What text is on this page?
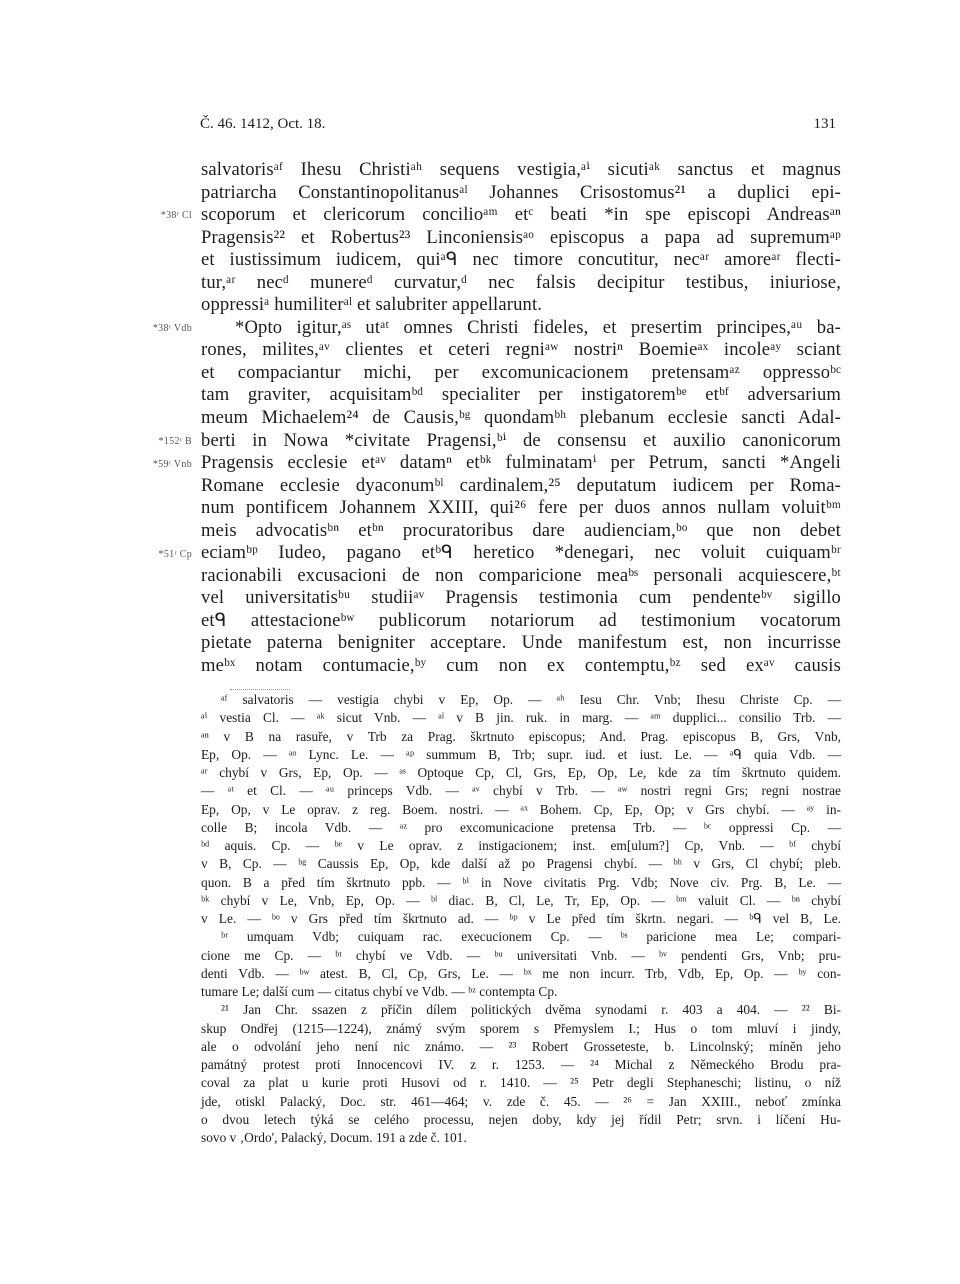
Č. 46. 1412, Oct. 18.	131
*38ʳ Cl
*38ʳ Vdb
*152ʳ B
*59ʳ Vnb
*51ʳ Cp
salvatorisᵃᶠ Ihesu Christiᵃʰ sequens vestigia,ᵃⁱ sicutiᵃᵏ sanctus et magnus
patriarcha Constantinopolitanusᵃˡ Johannes Crisostomus²¹ a duplici epi-
scoporum et clericorum concilioᵃᵐ etᶜ beati *in spe episcopi Andreasᵃⁿ
Pragensis²² et Robertus²³ Linconiensisᵃᵒ episcopus a papa ad supremumᵃᵖ
et iustissimum iudicem, quiᵃᑫ nec timore concutitur, necᵃʳ amoreᵃʳ flecti-
tur,ᵃʳ necᵈ munereᵈ curvatur,ᵈ nec falsis decipitur testibus, iniuriose,
oppressiᵃ humiliterᵃˡ et salubriter appellarunt.
*Opto igitur,ᵃˢ utᵃᵗ omnes Christi fideles, et presertim principes,ᵃᵘ ba-
rones, milites,ᵃᵛ clientes et ceteri regniᵃʷ nostriⁿ Boemieᵃˣ incoleᵃʸ sciant
et compaciantur michi, per excomunicacionem pretensamᵃᶻ oppressoᵇᶜ
tam graviter, acquisitamᵇᵈ specialiter per instigatoremᵇᵉ etᵇᶠ adversarium
meum Michaelem²⁴ de Causis,ᵇᵍ quondamᵇʰ plebanum ecclesie sancti Adal-
berti in Nowa *civitate Pragensi,ᵇⁱ de consensu et auxilio canonicorum
Pragensis ecclesie etᵃᵛ datamⁿ etᵇᵏ fulminatamⁱ per Petrum, sancti *Angeli
Romane ecclesie dyaconumᵇˡ cardinalem,²⁵ deputatum iudicem per Roma-
num pontificem Johannem XXIII, qui²⁶ fere per duos annos nullam voluitᵇᵐ
meis advocatisᵇⁿ etᵇⁿ procuratoribus dare audienciam,ᵇᵒ que non debet
eciamᵇᵖ Iudeo, pagano etᵇᑫ heretico *denegari, nec voluit cuiquamᵇʳ
racionabili excusacioni de non comparicione meaᵇˢ personali acquiescere,ᵇᵗ
vel universitatisᵇᵘ studiiᵃᵛ Pragensis testimonia cum pendenteᵇᵛ sigillo
etᑫ attestacioneᵇʷ publicorum notariorum ad testimonium vocatorum
pietate paterna benigniter acceptare. Unde manifestum est, non incurrisse
meᵇˣ notam contumacie,ᵇʸ cum non ex contemptu,ᵇᶻ sed exᵃᵛ causis
ᵃᶠ salvatoris — vestigia chybi v Ep, Op. — ᵃʰ Iesu Chr. Vnb; Ihesu Christe Cp. —
ᵃⁱ vestia Cl. — ᵃᵏ sicut Vnb. — ᵃˡ v B jin. ruk. in marg. — ᵃᵐ dupplici... consilio Trb. —
ᵃⁿ v B na rasuře, v Trb za Prag. škrtnuto episcopus; And. Prag. episcopus B, Grs, Vnb,
Ep, Op. — ᵃᵒ Lync. Le. — ᵃᵖ summum B, Trb; supr. iud. et iust. Le. — ᵃᑫ quia Vdb. —
ᵃʳ chybí v Grs, Ep, Op. — ᵃˢ Optoque Cp, Cl, Grs, Ep, Op, Le, kde za tím škrtnuto quidem.
— ᵃᵗ et Cl. — ᵃᵘ princeps Vdb. — ᵃᵛ chybí v Trb. — ᵃʷ nostri regni Grs; regni nostrae
Ep, Op, v Le oprav. z reg. Boem. nostri. — ᵃˣ Bohem. Cp, Ep, Op; v Grs chybí. — ᵃʸ in-
colle B; incola Vdb. — ᵃᶻ pro excomunicacione pretensa Trb. — ᵇᶜ oppressi Cp. —
ᵇᵈ aquis. Cp. — ᵇᵉ v Le oprav. z instigacionem; inst. em[ulum?] Cp, Vnb. — ᵇᶠ chybí
v B, Cp. — ᵇᵍ Caussis Ep, Op, kde další až po Pragensi chybí. — ᵇʰ v Grs, Cl chybí; pleb.
quon. B a před tím škrtnuto ppb. — ᵇⁱ in Nove civitatis Prg. Vdb; Nove civ. Prg. B, Le. —
ᵇᵏ chybí v Le, Vnb, Ep, Op. — ᵇˡ diac. B, Cl, Le, Tr, Ep, Op. — ᵇᵐ valuit Cl. — ᵇⁿ chybí
v Le. — ᵇᵒ v Grs před tím škrtnuto ad. — ᵇᵖ v Le před tím škrtn. negari. — ᵇᑫ vel B, Le.
ᵇʳ umquam Vdb; cuiquam rac. execucionem Cp. — ᵇˢ paricione mea Le; compari-
cione me Cp. — ᵇᵗ chybí ve Vdb. — ᵇᵘ universitati Vnb. — ᵇᵛ pendenti Grs, Vnb; pru-
denti Vdb. — ᵇʷ atest. B, Cl, Cp, Grs, Le. — ᵇˣ me non incurr. Trb, Vdb, Ep, Op. — ᵇʸ con-
tumare Le; další cum — citatus chybí ve Vdb. — ᵇᶻ contempta Cp.
²¹ Jan Chr. ssazen z příčin dílem politických dvěma synodami r. 403 a 404. — ²² Bi-
skup Ondřej (1215—1224), známý svým sporem s Přemyslem I.; Hus o tom mluví i jindy,
ale o odvolání jeho není nic známo. — ²³ Robert Grosseteste, b. Lincolnský; míněn jeho
památný protest proti Innocencovi IV. z r. 1253. — ²⁴ Michal z Německého Brodu pra-
coval za plat u kurie proti Husovi od r. 1410. — ²⁵ Petr degli Stephaneschi; listinu, o níž
jde, otiskl Palacký, Doc. str. 461—464; v. zde č. 45. — ²⁶ = Jan XXIII., neboť zmínka
o dvou letech týká se celého processu, nejen doby, kdy jej řídil Petr; srvn. i líčení Hu-
sovo v ‚Ordo', Palacký, Docum. 191 a zde č. 101.
